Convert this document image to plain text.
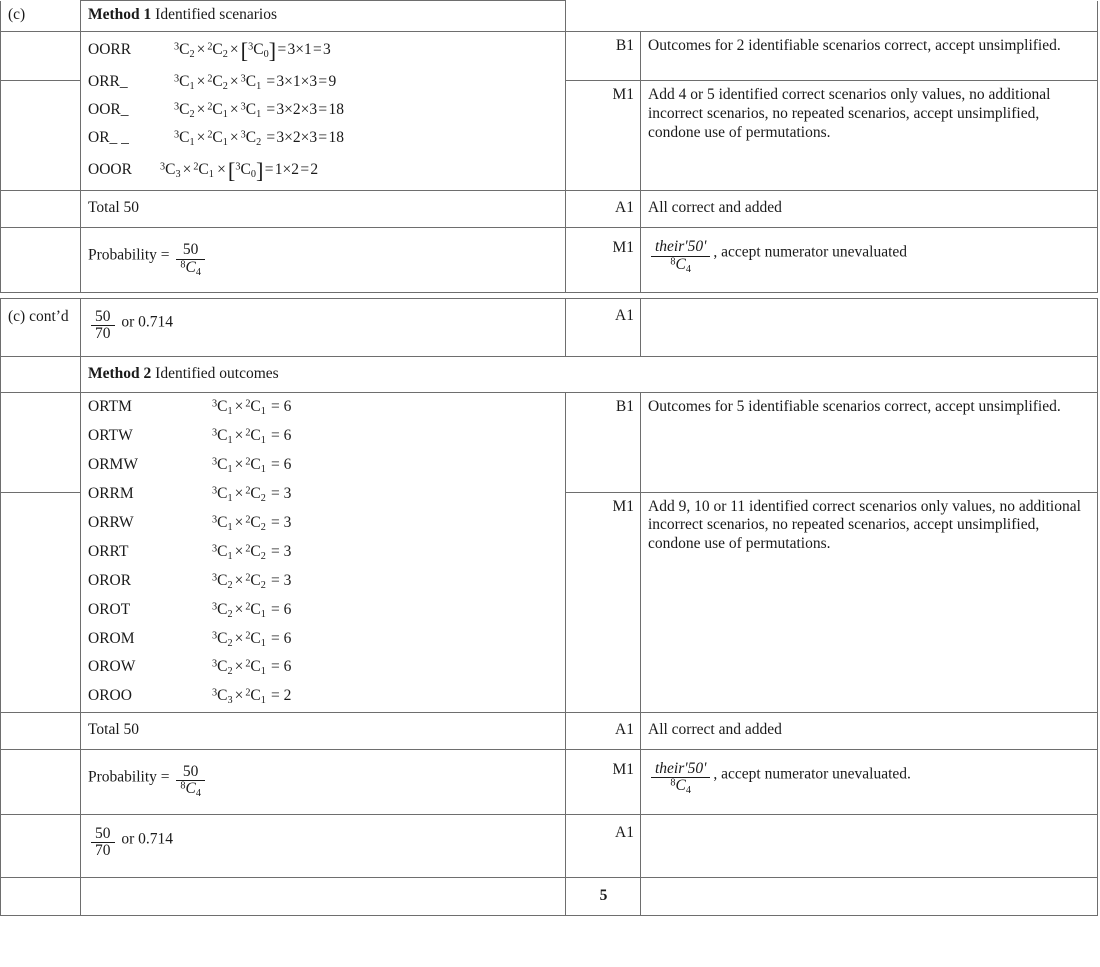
(c)	Method 1 Identified scenarios		

OORR	$^3C_2 \times ^2C_2 \times[^3C_0]$ = 3×1 = 3
ORR_	$^3C_1 \times ^2C_2 \times ^3C_1$  = 3×1×3 = 9
OOR_	$^3C_2 \times ^2C_1 \times ^3C_1$  = 3×2×3 = 18
OR_ _	$^3C_1 \times ^2C_1 \times ^3C_2$  = 3×2×3 = 18
OOOR	$^3C_3 \times ^2C_1$  $\times[^3C_0]$ = 1×2 = 2
	B1	Outcomes for 2 identifiable scenarios correct, accept unsimplified.
		M1	Add 4 or 5 identified correct scenarios only values, no additional incorrect scenarios, no repeated scenarios, accept unsimplified, condone use of permutations.
	Total 50	A1	All correct and added

	Probability = $\frac{50}{^8C_4}$	M1	$\frac{\text{their'50'}}{^8C_4}$ , accept numerator unevaluated
(c) cont’d	$\frac{50}{70}$ or 0.714	A1	
	Method 2 Identified outcomes		

ORTM	$^3C_1 \times ^2C_1$  = 6
ORTW	$^3C_1 \times ^2C_1$  = 6
ORMW	$^3C_1 \times ^2C_1$  = 6
ORRM	$^3C_1 \times ^2C_2$  = 3
ORRW	$^3C_1 \times ^2C_2$  = 3
ORRT	$^3C_1 \times ^2C_2$  = 3
OROR	$^3C_2 \times ^2C_2$  = 3
OROT	$^3C_2 \times ^2C_1$  = 6
OROM	$^3C_2 \times ^2C_1$  = 6
OROW	$^3C_2 \times ^2C_1$  = 6
OROO	$^3C_3 \times ^2C_1$  = 2
	B1	Outcomes for 5 identifiable scenarios correct, accept unsimplified.
		M1	Add 9, 10 or 11 identified correct scenarios only values, no additional incorrect scenarios, no repeated scenarios, accept unsimplified, condone use of permutations.
	Total 50	A1	All correct and added

	Probability = $\frac{50}{^8C_4}$	M1	$\frac{\text{their'50'}}{^8C_4}$ , accept numerator unevaluated.

	$\frac{50}{70}$ or 0.714	A1	
		5	
